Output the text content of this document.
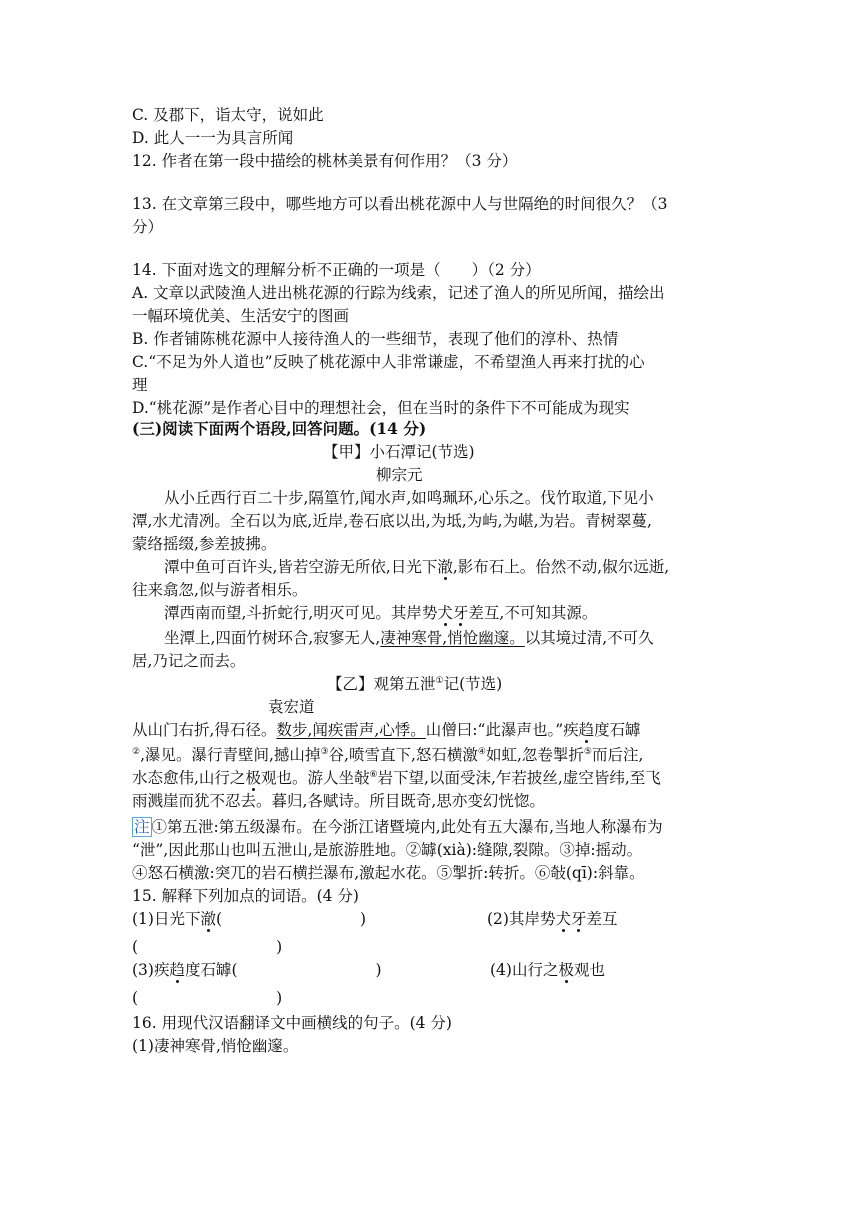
C. 及郡下，诣太守，说如此
D. 此人一一为具言所闻
12. 作者在第一段中描绘的桃林美景有何作用？（3 分）
13. 在文章第三段中，哪些地方可以看出桃花源中人与世隔绝的时间很久？（3
分）
14. 下面对选文的理解分析不正确的一项是（　　）（2 分）
A. 文章以武陵渔人进出桃花源的行踪为线索，记述了渔人的所见所闻，描绘出
一幅环境优美、生活安宁的图画
B. 作者铺陈桃花源中人接待渔人的一些细节，表现了他们的淳朴、热情
C.“不足为外人道也”反映了桃花源中人非常谦虚，不希望渔人再来打扰的心
理
D.“桃花源”是作者心目中的理想社会，但在当时的条件下不可能成为现实
(三)阅读下面两个语段,回答问题。(14 分)
【甲】小石潭记(节选)
柳宗元
从小丘西行百二十步,隔篁竹,闻水声,如鸣珮环,心乐之。伐竹取道,下见小
潭,水尤清冽。全石以为底,近岸,卷石底以出,为坻,为屿,为嵁,为岩。青树翠蔓,
蒙络摇缀,参差披拂。
潭中鱼可百许头,皆若空游无所依,日光下澈,影布石上。佁然不动,俶尔远逝,
往来翕忽,似与游者相乐。
潭西南而望,斗折蛇行,明灭可见。其岸势犬牙差互,不可知其源。
坐潭上,四面竹树环合,寂寥无人,凄神寒骨,悄怆幽邃。以其境过清,不可久
居,乃记之而去。
【乙】观第五泄①记(节选)
袁宏道
从山门右折,得石径。数步,闻疾雷声,心悸。山僧曰:“此瀑声也。”疾趋度石罅
②,瀑见。瀑行青壁间,撼山掉③谷,喷雪直下,怒石横激④如虹,忽卷掣折⑤而后注,
水态愈伟,山行之极观也。游人坐敧⑥岩下望,以面受沫,乍若披丝,虚空皆纬,至飞
雨溅崖而犹不忍去。暮归,各赋诗。所目既奇,思亦变幻恍惚。
注 ①第五泄:第五级瀑布。在今浙江诸暨境内,此处有五大瀑布,当地人称瀑布为
“泄”,因此那山也叫五泄山,是旅游胜地。②罅(xià):缝隙,裂隙。③掉:摇动。
④怒石横激:突兀的岩石横拦瀑布,激起水花。⑤掣折:转折。⑥敧(qī):斜靠。
15. 解释下列加点的词语。(4 分)
(1)日光下澈(	)	(2)其岸势犬牙差互
(	)
(3)疾趋度石罅(	)	(4)山行之极观也
(	)
16. 用现代汉语翻译文中画横线的句子。(4 分)
(1)凄神寒骨,悄怆幽邃。
